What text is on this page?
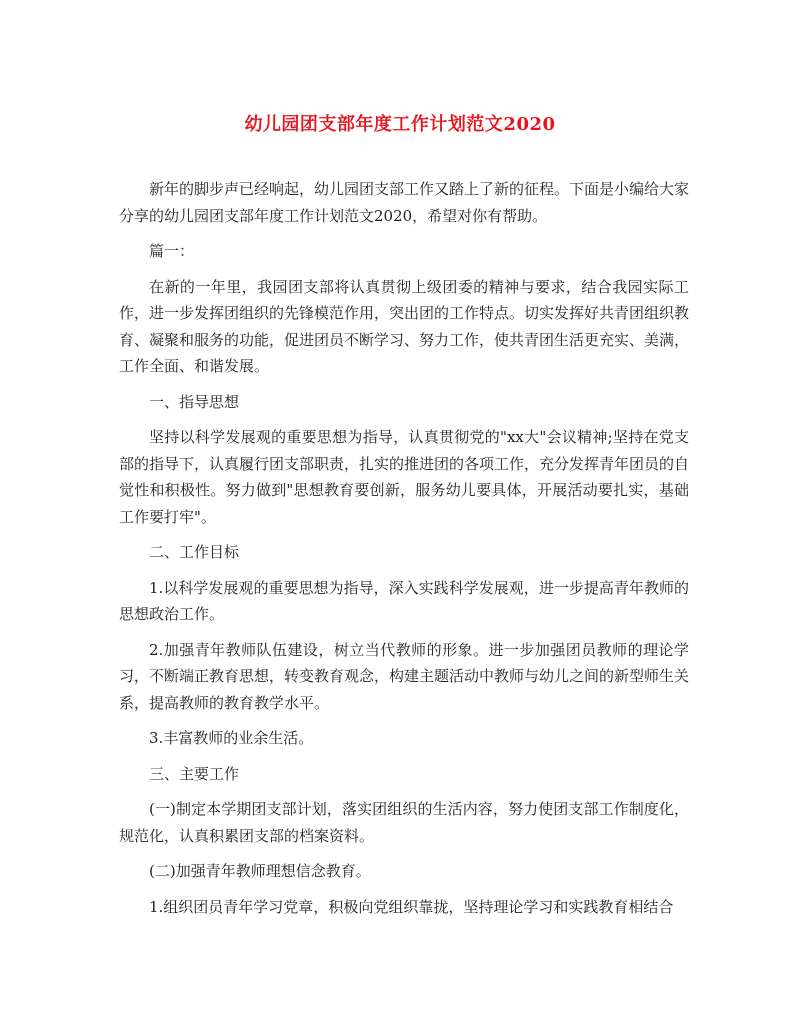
幼儿园团支部年度工作计划范文2020

新年的脚步声已经响起，幼儿园团支部工作又踏上了新的征程。下面是小编给大家分享的幼儿园团支部年度工作计划范文2020，希望对你有帮助。

篇一：

在新的一年里，我园团支部将认真贯彻上级团委的精神与要求，结合我园实际工作，进一步发挥团组织的先锋模范作用，突出团的工作特点。切实发挥好共青团组织教育、凝聚和服务的功能，促进团员不断学习、努力工作，使共青团生活更充实、美满，工作全面、和谐发展。

一、指导思想

坚持以科学发展观的重要思想为指导，认真贯彻党的"xx大"会议精神;坚持在党支部的指导下，认真履行团支部职责，扎实的推进团的各项工作，充分发挥青年团员的自觉性和积极性。努力做到"思想教育要创新，服务幼儿要具体，开展活动要扎实，基础工作要打牢"。

二、工作目标

1.以科学发展观的重要思想为指导，深入实践科学发展观，进一步提高青年教师的思想政治工作。

2.加强青年教师队伍建设，树立当代教师的形象。进一步加强团员教师的理论学习，不断端正教育思想，转变教育观念，构建主题活动中教师与幼儿之间的新型师生关系，提高教师的教育教学水平。

3.丰富教师的业余生活。

三、主要工作

(一)制定本学期团支部计划，落实团组织的生活内容，努力使团支部工作制度化，规范化，认真积累团支部的档案资料。

(二)加强青年教师理想信念教育。

1.组织团员青年学习党章，积极向党组织靠拢，坚持理论学习和实践教育相结合
